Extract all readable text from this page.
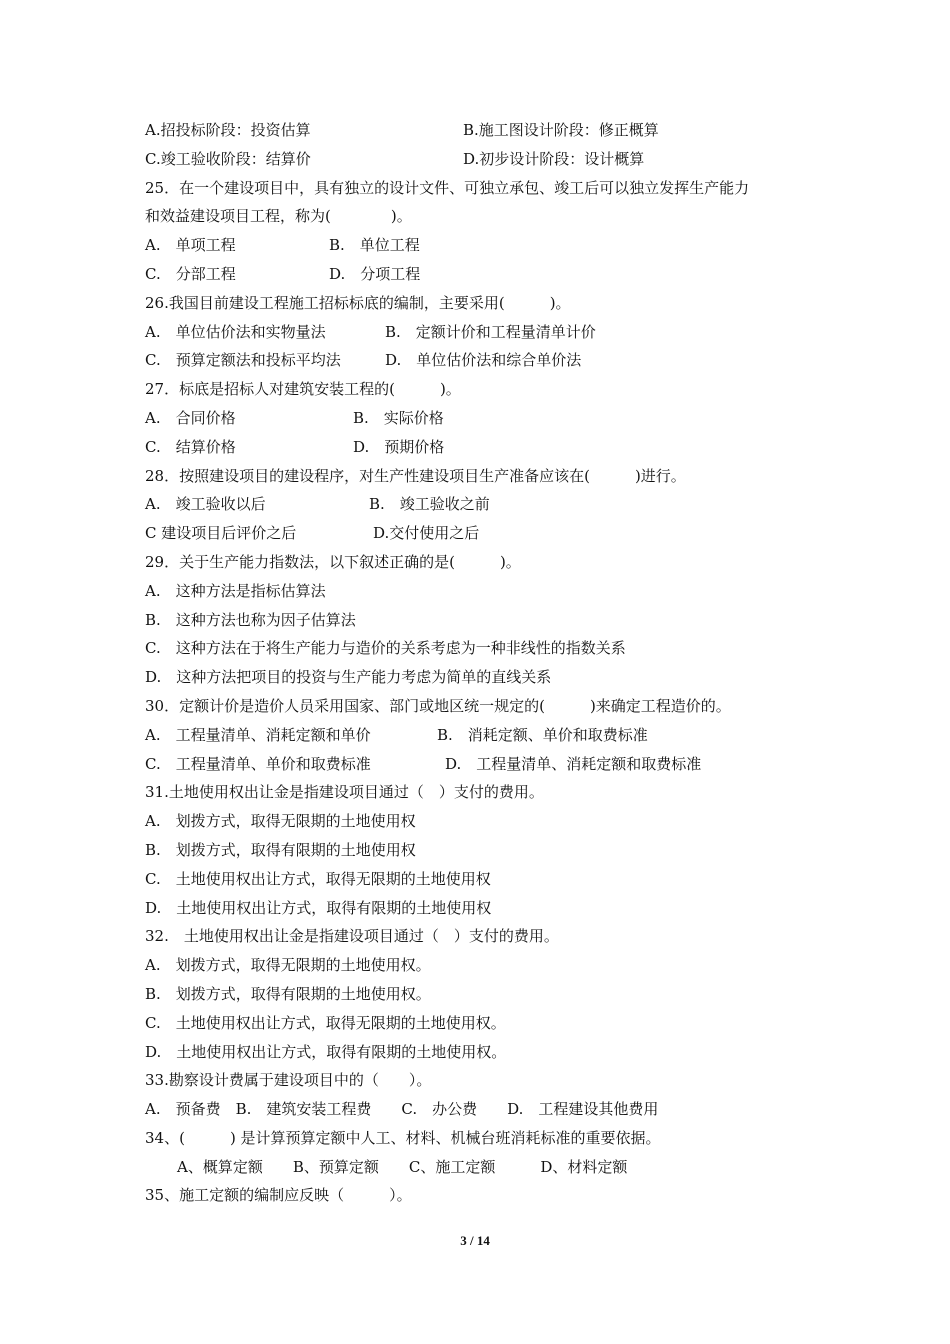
A.招投标阶段：投资估算	B.施工图设计阶段：修正概算
C.竣工验收阶段：结算价	D.初步设计阶段：设计概算
25．在一个建设项目中，具有独立的设计文件、可独立承包、竣工后可以独立发挥生产能力
和效益建设项目工程，称为(　　　　)。
A.　单项工程	B.　单位工程
C.　分部工程	D.　分项工程
26.我国目前建设工程施工招标标底的编制，主要采用(　　　)。
A.　单位估价法和实物量法	B.　定额计价和工程量清单计价
C.　预算定额法和投标平均法	D.　单位估价法和综合单价法
27．标底是招标人对建筑安装工程的(　　　)。
A.　合同价格	B.　实际价格
C.　结算价格	D.　预期价格
28．按照建设项目的建设程序，对生产性建设项目生产准备应该在(　　　)进行。
A.　竣工验收以后	B.　竣工验收之前
C 建设项目后评价之后	D.交付使用之后
29．关于生产能力指数法，以下叙述正确的是(　　　)。
A.　这种方法是指标估算法
B.　这种方法也称为因子估算法
C.　这种方法在于将生产能力与造价的关系考虑为一种非线性的指数关系
D.　这种方法把项目的投资与生产能力考虑为简单的直线关系
30．定额计价是造价人员采用国家、部门或地区统一规定的(　　　)来确定工程造价的。
A.　工程量清单、消耗定额和单价	B.　消耗定额、单价和取费标准
C.　工程量清单、单价和取费标准	D.　工程量清单、消耗定额和取费标准
31.土地使用权出让金是指建设项目通过（　）支付的费用。
A.　划拨方式，取得无限期的土地使用权
B.　划拨方式，取得有限期的土地使用权
C.　土地使用权出让方式，取得无限期的土地使用权
D.　土地使用权出让方式，取得有限期的土地使用权
32.　土地使用权出让金是指建设项目通过（　）支付的费用。
A.　划拨方式，取得无限期的土地使用权。
B.　划拨方式，取得有限期的土地使用权。
C.　土地使用权出让方式，取得无限期的土地使用权。
D.　土地使用权出让方式，取得有限期的土地使用权。
33.勘察设计费属于建设项目中的（　　）。
A.　预备费　B.　建筑安装工程费　　C.　办公费　　D.　工程建设其他费用
34、(　　　) 是计算预算定额中人工、材料、机械台班消耗标准的重要依据。
A、概算定额　　B、预算定额　　C、施工定额　　　D、材料定额
35、施工定额的编制应反映（　　　）。
3 / 14
